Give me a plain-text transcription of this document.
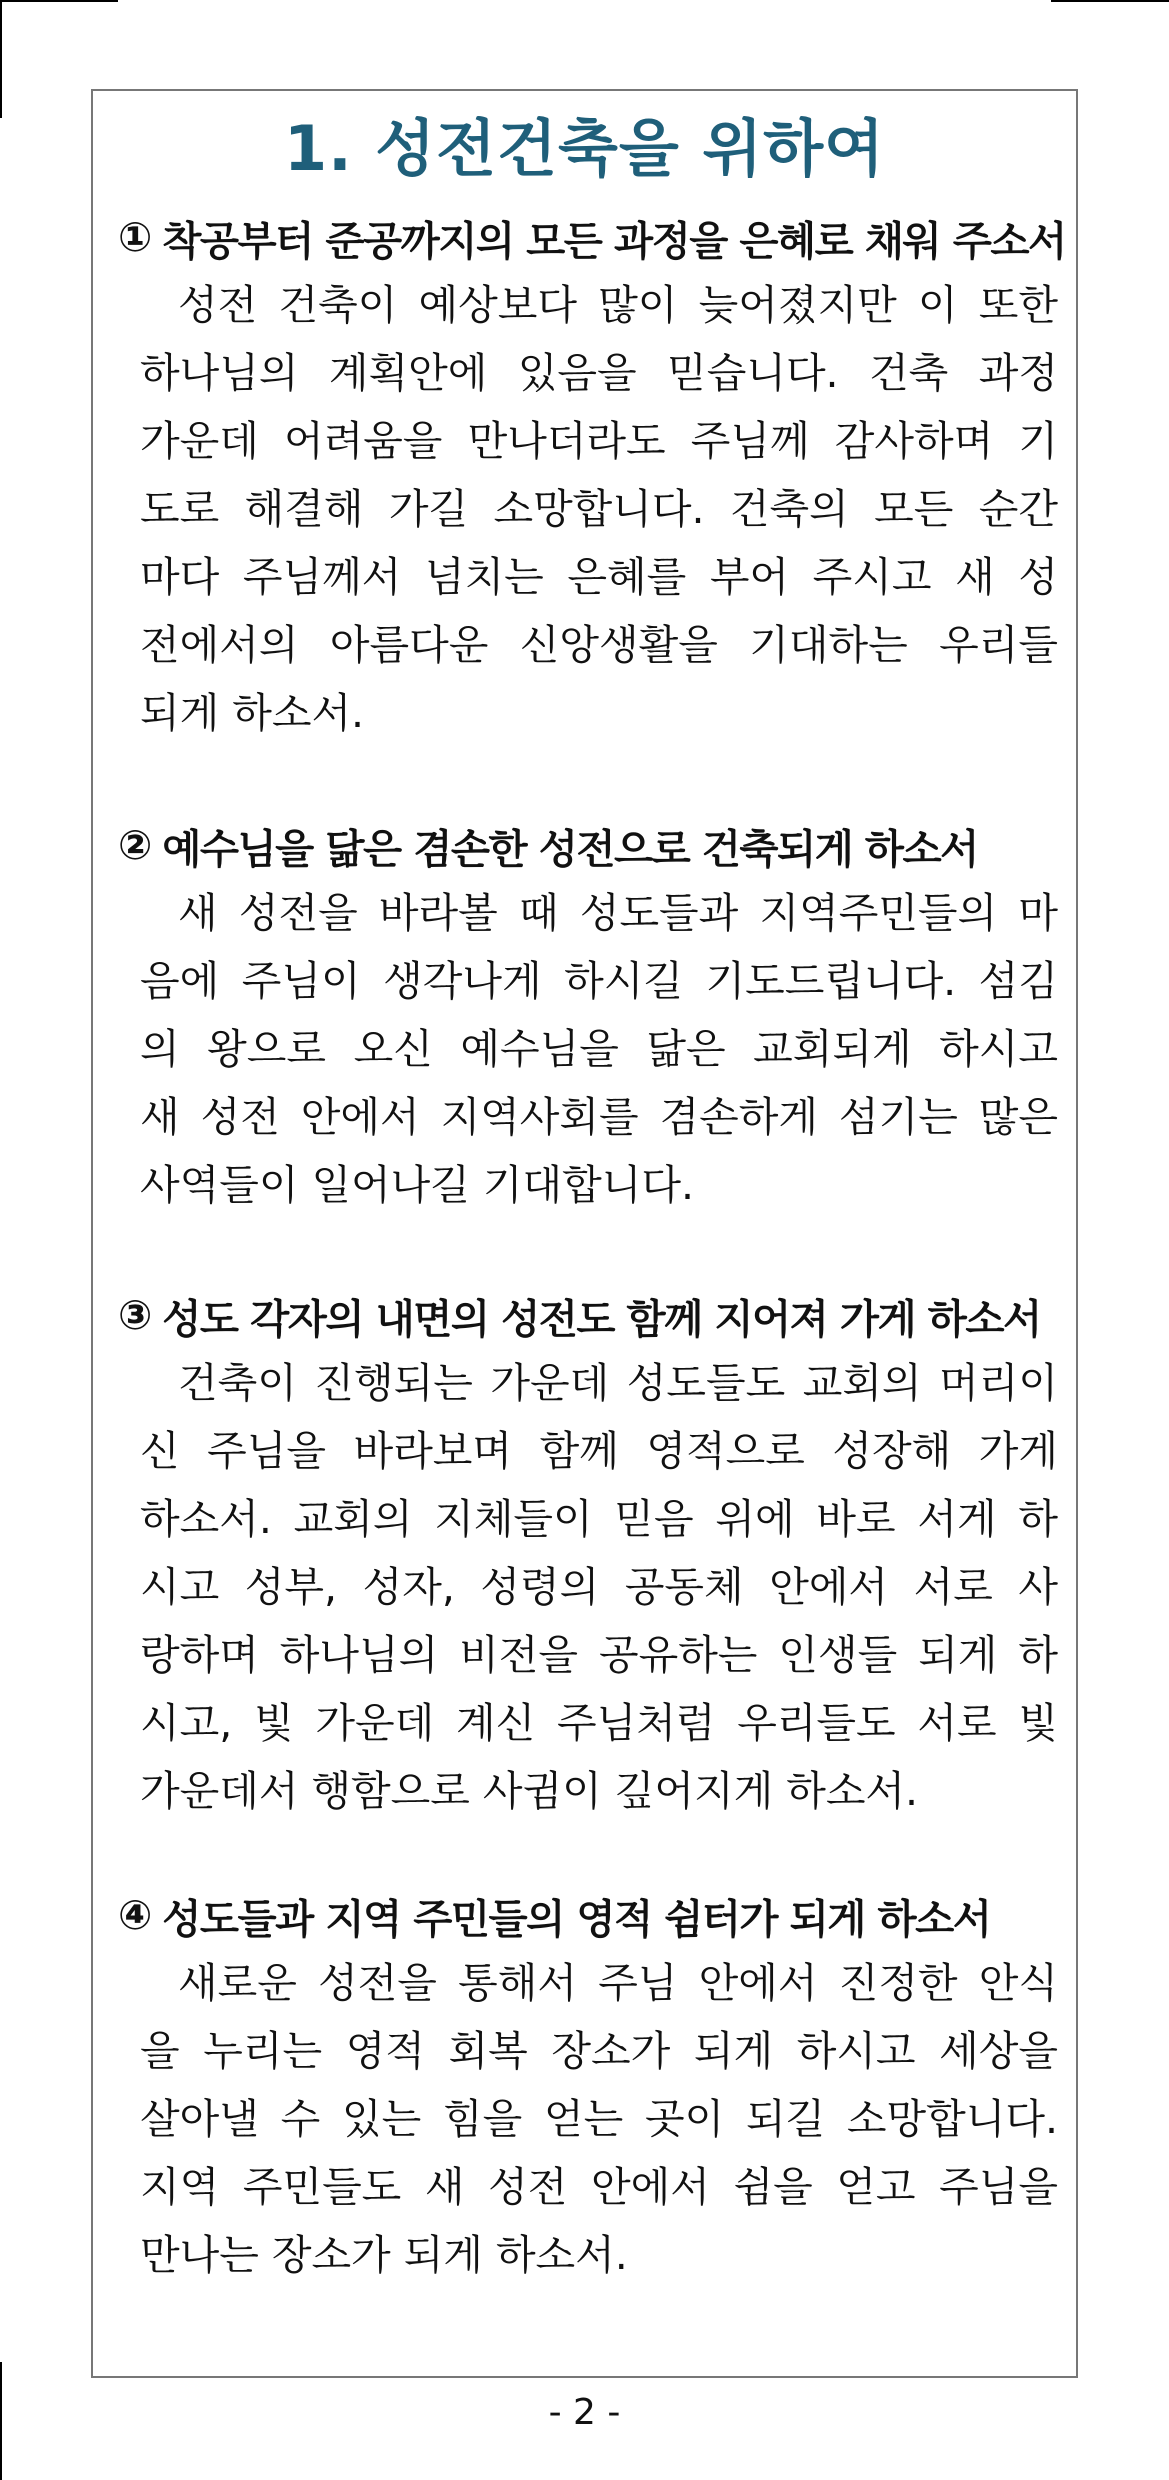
1. 성전건축을 위하여
① 착공부터 준공까지의 모든 과정을 은혜로 채워 주소서
성전 건축이 예상보다 많이 늦어졌지만 이 또한
하나님의 계획안에 있음을 믿습니다. 건축 과정
가운데 어려움을 만나더라도 주님께 감사하며 기
도로 해결해 가길 소망합니다. 건축의 모든 순간
마다 주님께서 넘치는 은혜를 부어 주시고 새 성
전에서의 아름다운 신앙생활을 기대하는 우리들
되게 하소서.
② 예수님을 닮은 겸손한 성전으로 건축되게 하소서
새 성전을 바라볼 때 성도들과 지역주민들의 마
음에 주님이 생각나게 하시길 기도드립니다. 섬김
의 왕으로 오신 예수님을 닮은 교회되게 하시고
새 성전 안에서 지역사회를 겸손하게 섬기는 많은
사역들이 일어나길 기대합니다.
③ 성도 각자의 내면의 성전도 함께 지어져 가게 하소서
건축이 진행되는 가운데 성도들도 교회의 머리이
신 주님을 바라보며 함께 영적으로 성장해 가게
하소서. 교회의 지체들이 믿음 위에 바로 서게 하
시고 성부, 성자, 성령의 공동체 안에서 서로 사
랑하며 하나님의 비전을 공유하는 인생들 되게 하
시고, 빛 가운데 계신 주님처럼 우리들도 서로 빛
가운데서 행함으로 사귐이 깊어지게 하소서.
④ 성도들과 지역 주민들의 영적 쉼터가 되게 하소서
새로운 성전을 통해서 주님 안에서 진정한 안식
을 누리는 영적 회복 장소가 되게 하시고 세상을
살아낼 수 있는 힘을 얻는 곳이 되길 소망합니다.
지역 주민들도 새 성전 안에서 쉼을 얻고 주님을
만나는 장소가 되게 하소서.
- 2 -
